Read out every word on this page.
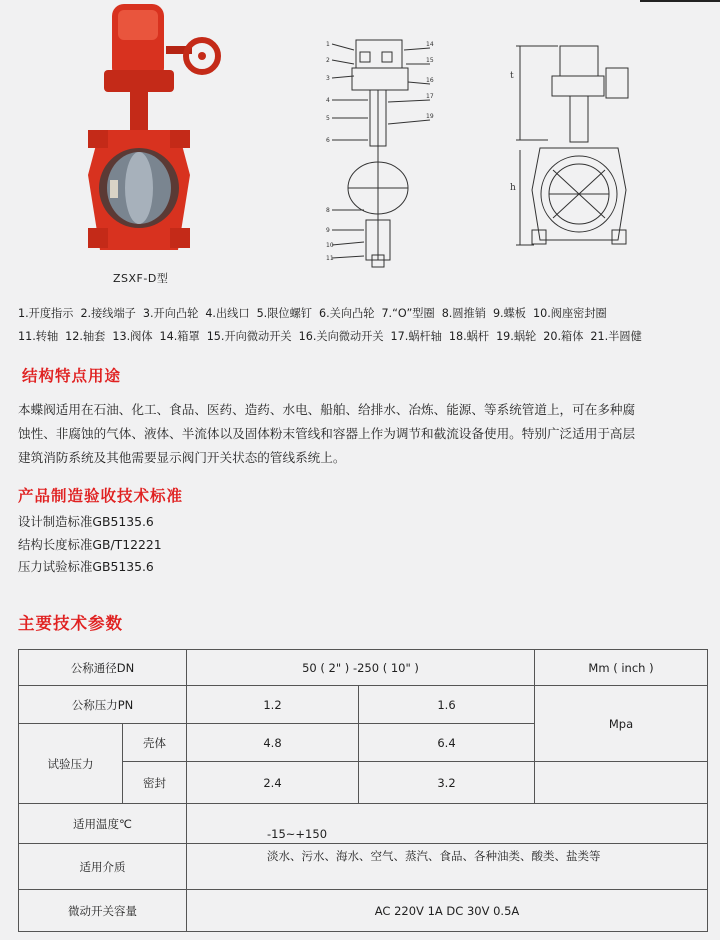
ZSXF-D型
1
2
3
4
5
6
8
9
10
11
14
15
16
17
19
t
h
1.开度指示 2.接线端子 3.开向凸轮 4.出线口 5.限位螺钉 6.关向凸轮 7.“O”型圈 8.圆推销 9.蝶板 10.阀座密封圈
11.转轴 12.轴套 13.阀体 14.箱罩 15.开向微动开关 16.关向微动开关 17.蜗杆轴 18.蜗杆 19.蜗轮 20.箱体 21.半圆健
结构特点用途
本蝶阀适用在石油、化工、食品、医药、造药、水电、船舶、给排水、冶炼、能源、等系统管道上，可在多种腐
蚀性、非腐蚀的气体、液体、半流体以及固体粉末管线和容器上作为调节和截流设备使用。特别广泛适用于高层
建筑消防系统及其他需要显示阀门开关状态的管线系统上。
产品制造验收技术标准
设计制造标准GB5135.6
结构长度标准GB/T12221
压力试验标准GB5135.6
主要技术参数
公称通径DN		50 ( 2" ) -250 ( 10" )		Mm ( inch )
公称压力PN		1.2	1.6	Mpa
试验压力	壳体	4.8	6.4	
	密封	2.4	3.2	
适用温度℃		-15~+150		
适用介质		淡水、污水、海水、空气、蒸汽、食品、各种油类、酸类、盐类等		
微动开关容量		AC 220V 1A DC 30V 0.5A		
